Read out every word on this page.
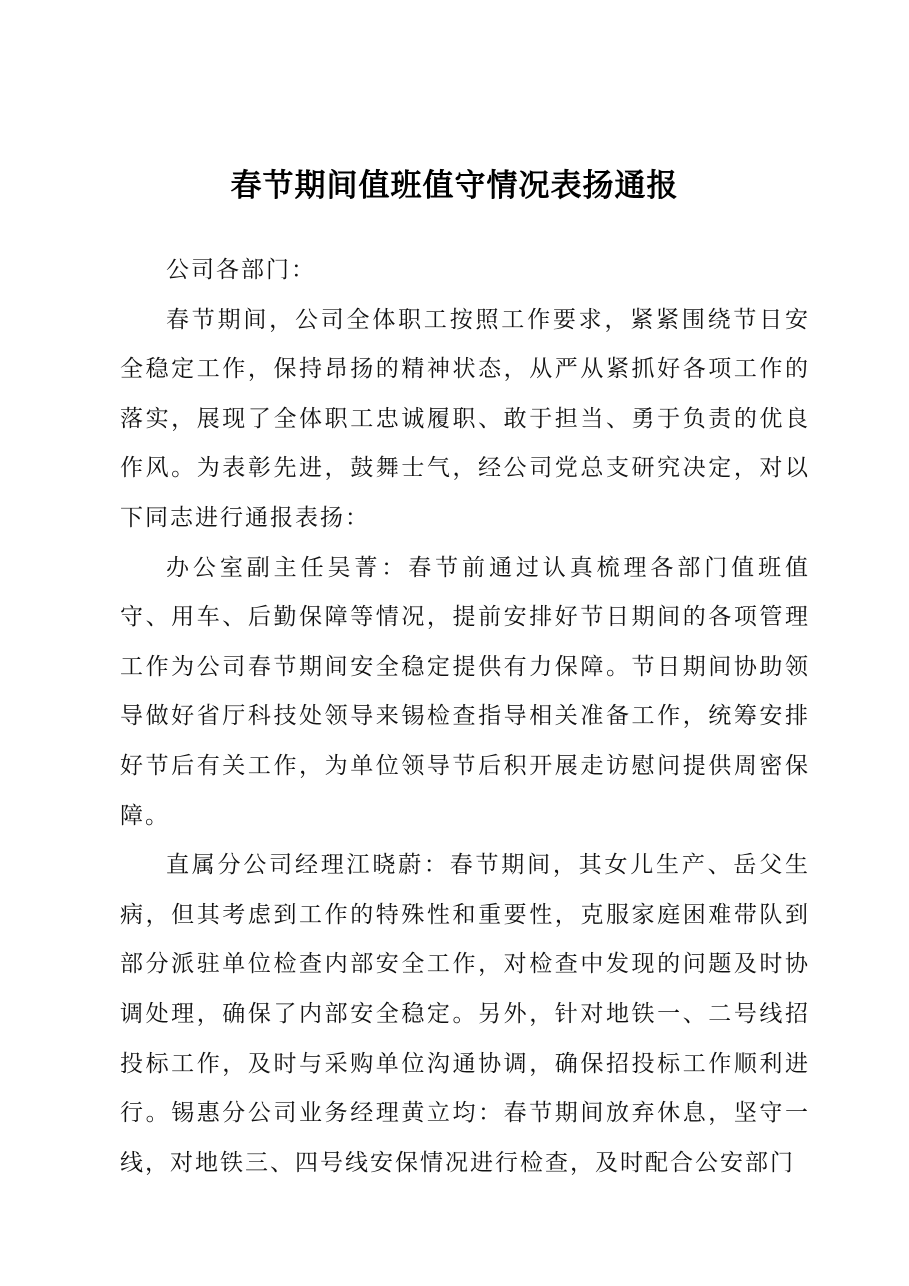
春节期间值班值守情况表扬通报

公司各部门：

春节期间，公司全体职工按照工作要求，紧紧围绕节日安全稳定工作，保持昂扬的精神状态，从严从紧抓好各项工作的落实，展现了全体职工忠诚履职、敢于担当、勇于负责的优良作风。为表彰先进，鼓舞士气，经公司党总支研究决定，对以下同志进行通报表扬：

办公室副主任吴菁：春节前通过认真梳理各部门值班值守、用车、后勤保障等情况，提前安排好节日期间的各项管理工作为公司春节期间安全稳定提供有力保障。节日期间协助领导做好省厅科技处领导来锡检查指导相关准备工作，统筹安排好节后有关工作，为单位领导节后积开展走访慰问提供周密保障。

直属分公司经理江晓蔚：春节期间，其女儿生产、岳父生病，但其考虑到工作的特殊性和重要性，克服家庭困难带队到部分派驻单位检查内部安全工作，对检查中发现的问题及时协调处理，确保了内部安全稳定。另外，针对地铁一、二号线招投标工作，及时与采购单位沟通协调，确保招投标工作顺利进行。锡惠分公司业务经理黄立均：春节期间放弃休息，坚守一线，对地铁三、四号线安保情况进行检查，及时配合公安部门
